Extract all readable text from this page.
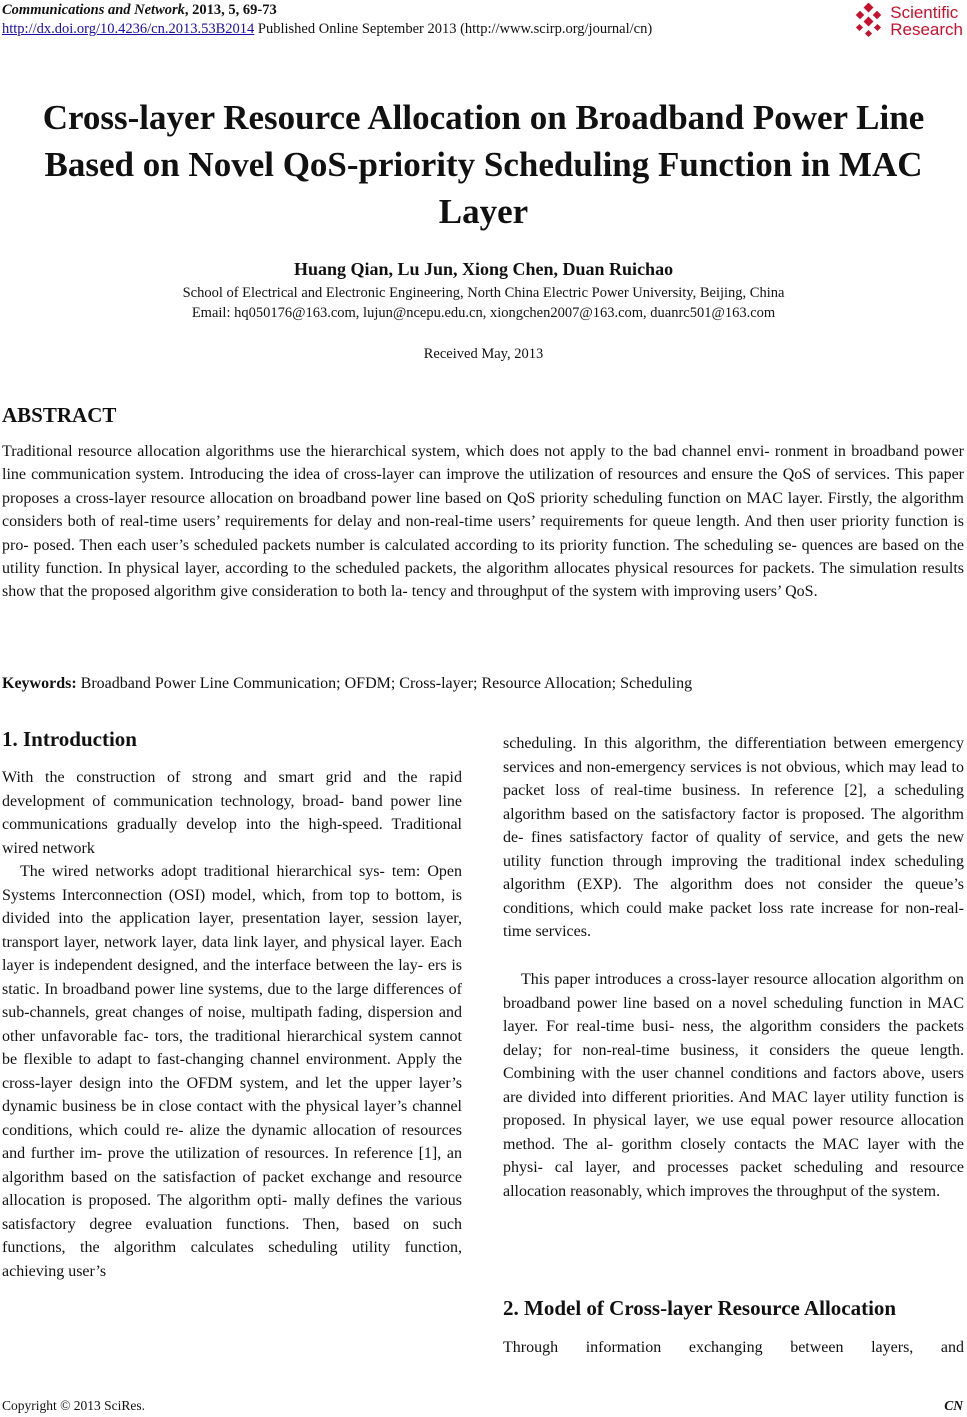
Communications and Network, 2013, 5, 69-73
http://dx.doi.org/10.4236/cn.2013.53B2014 Published Online September 2013 (http://www.scirp.org/journal/cn)
Scientific
Research
Cross-layer Resource Allocation on Broadband Power Line Based on Novel QoS-priority Scheduling Function in MAC Layer
Huang Qian, Lu Jun, Xiong Chen, Duan Ruichao
School of Electrical and Electronic Engineering, North China Electric Power University, Beijing, China
Email: hq050176@163.com, lujun@ncepu.edu.cn, xiongchen2007@163.com, duanrc501@163.com
Received May, 2013
ABSTRACT
Traditional resource allocation algorithms use the hierarchical system, which does not apply to the bad channel envi- ronment in broadband power line communication system. Introducing the idea of cross-layer can improve the utilization of resources and ensure the QoS of services. This paper proposes a cross-layer resource allocation on broadband power line based on QoS priority scheduling function on MAC layer. Firstly, the algorithm considers both of real-time users’ requirements for delay and non-real-time users’ requirements for queue length. And then user priority function is pro- posed. Then each user’s scheduled packets number is calculated according to its priority function. The scheduling se- quences are based on the utility function. In physical layer, according to the scheduled packets, the algorithm allocates physical resources for packets. The simulation results show that the proposed algorithm give consideration to both la- tency and throughput of the system with improving users’ QoS.
Keywords: Broadband Power Line Communication; OFDM; Cross-layer; Resource Allocation; Scheduling
1. Introduction
With the construction of strong and smart grid and the rapid development of communication technology, broad- band power line communications gradually develop into the high-speed. Traditional wired network
The wired networks adopt traditional hierarchical sys- tem: Open Systems Interconnection (OSI) model, which, from top to bottom, is divided into the application layer, presentation layer, session layer, transport layer, network layer, data link layer, and physical layer. Each layer is independent designed, and the interface between the lay- ers is static. In broadband power line systems, due to the large differences of sub-channels, great changes of noise, multipath fading, dispersion and other unfavorable fac- tors, the traditional hierarchical system cannot be flexible to adapt to fast-changing channel environment. Apply the cross-layer design into the OFDM system, and let the upper layer’s dynamic business be in close contact with the physical layer’s channel conditions, which could re- alize the dynamic allocation of resources and further im- prove the utilization of resources. In reference [1], an algorithm based on the satisfaction of packet exchange and resource allocation is proposed. The algorithm opti- mally defines the various satisfactory degree evaluation functions. Then, based on such functions, the algorithm calculates scheduling utility function, achieving user’s
scheduling. In this algorithm, the differentiation between emergency services and non-emergency services is not obvious, which may lead to packet loss of real-time business. In reference [2], a scheduling algorithm based on the satisfactory factor is proposed. The algorithm de- fines satisfactory factor of quality of service, and gets the new utility function through improving the traditional index scheduling algorithm (EXP). The algorithm does not consider the queue’s conditions, which could make packet loss rate increase for non-real-time services.
This paper introduces a cross-layer resource allocation algorithm on broadband power line based on a novel scheduling function in MAC layer. For real-time busi- ness, the algorithm considers the packets delay; for non-real-time business, it considers the queue length. Combining with the user channel conditions and factors above, users are divided into different priorities. And MAC layer utility function is proposed. In physical layer, we use equal power resource allocation method. The al- gorithm closely contacts the MAC layer with the physi- cal layer, and processes packet scheduling and resource allocation reasonably, which improves the throughput of the system.
2. Model of Cross-layer Resource Allocation
Through information exchanging between layers, and
Copyright © 2013 SciRes.	CN
